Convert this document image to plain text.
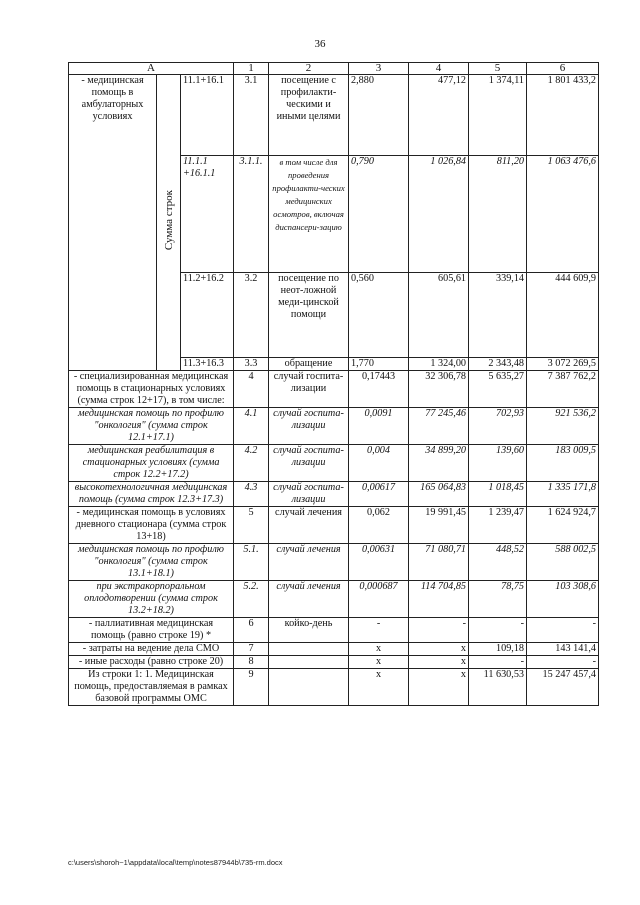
36
А			1	2	3	4	5	6
- медицинская помощь в амбулаторных условиях	Сумма строк	11.1+16.1	3.1	посещение с профилакти-ческими и иными целями	2,880	477,12	1 374,11	1 801 433,2
		11.1.1 +16.1.1	3.1.1.	в том числе для проведения профилакти-ческих медицинских осмотров, включая диспансери-зацию	0,790	1 026,84	811,20	1 063 476,6
		11.2+16.2	3.2	посещение по неот-ложной меди-цинской помощи	0,560	605,61	339,14	444 609,9
		11.3+16.3	3.3	обращение	1,770	1 324,00	2 343,48	3 072 269,5
- специализированная медицинская помощь в стационарных условиях (сумма строк 12+17), в том числе:			4	случай госпита-лизации	0,17443	32 306,78	5 635,27	7 387 762,2
медицинская помощь по профилю "онкология" (сумма строк 12.1+17.1)			4.1	случай госпита-лизации	0,0091	77 245,46	702,93	921 536,2
медицинская реабилитация в стационарных условиях (сумма строк 12.2+17.2)			4.2	случай госпита-лизации	0,004	34 899,20	139,60	183 009,5
высокотехнологичная медицинская помощь (сумма строк 12.3+17.3)			4.3	случай госпита-лизации	0,00617	165 064,83	1 018,45	1 335 171,8
- медицинская помощь в условиях дневного стационара (сумма строк 13+18)			5	случай лечения	0,062	19 991,45	1 239,47	1 624 924,7
медицинская помощь по профилю "онкология" (сумма строк 13.1+18.1)			5.1.	случай лечения	0,00631	71 080,71	448,52	588 002,5
при экстракорпоральном оплодотворении (сумма строк 13.2+18.2)			5.2.	случай лечения	0,000687	114 704,85	78,75	103 308,6
- паллиативная медицинская помощь (равно строке 19) *			6	койко-день	-	-	-	-
- затраты на ведение дела СМО			7		х	х	109,18	143 141,4
- иные расходы (равно строке 20)			8		х	х	-	-
Из строки 1: 1. Медицинская помощь, предоставляемая в рамках базовой программы ОМС			9		х	х	11 630,53	15 247 457,4
c:\users\shoroh~1\appdata\local\temp\notes87944b\735-rm.docx
